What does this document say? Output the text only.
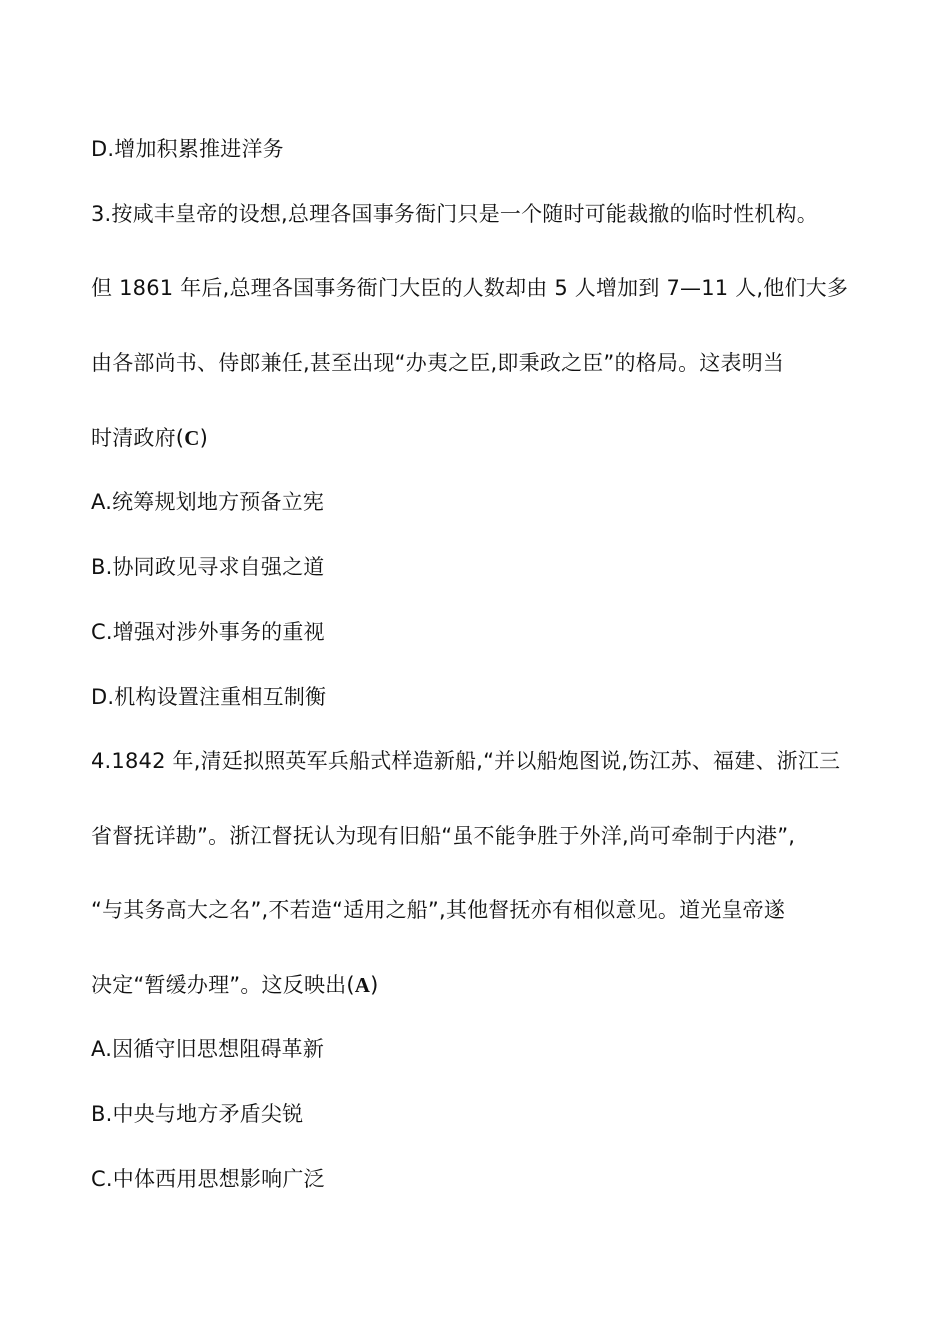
D.增加积累推进洋务
3.按咸丰皇帝的设想,总理各国事务衙门只是一个随时可能裁撤的临时性机构。
但 1861 年后,总理各国事务衙门大臣的人数却由 5 人增加到 7—11 人,他们大多
由各部尚书、侍郎兼任,甚至出现“办夷之臣,即秉政之臣”的格局。这表明当
时清政府(C)
A.统筹规划地方预备立宪
B.协同政见寻求自强之道
C.增强对涉外事务的重视
D.机构设置注重相互制衡
4.1842 年,清廷拟照英军兵船式样造新船,“并以船炮图说,饬江苏、福建、浙江三
省督抚详勘”。浙江督抚认为现有旧船“虽不能争胜于外洋,尚可牵制于内港”,
“与其务高大之名”,不若造“适用之船”,其他督抚亦有相似意见。道光皇帝遂
决定“暂缓办理”。这反映出(A)
A.因循守旧思想阻碍革新
B.中央与地方矛盾尖锐
C.中体西用思想影响广泛
